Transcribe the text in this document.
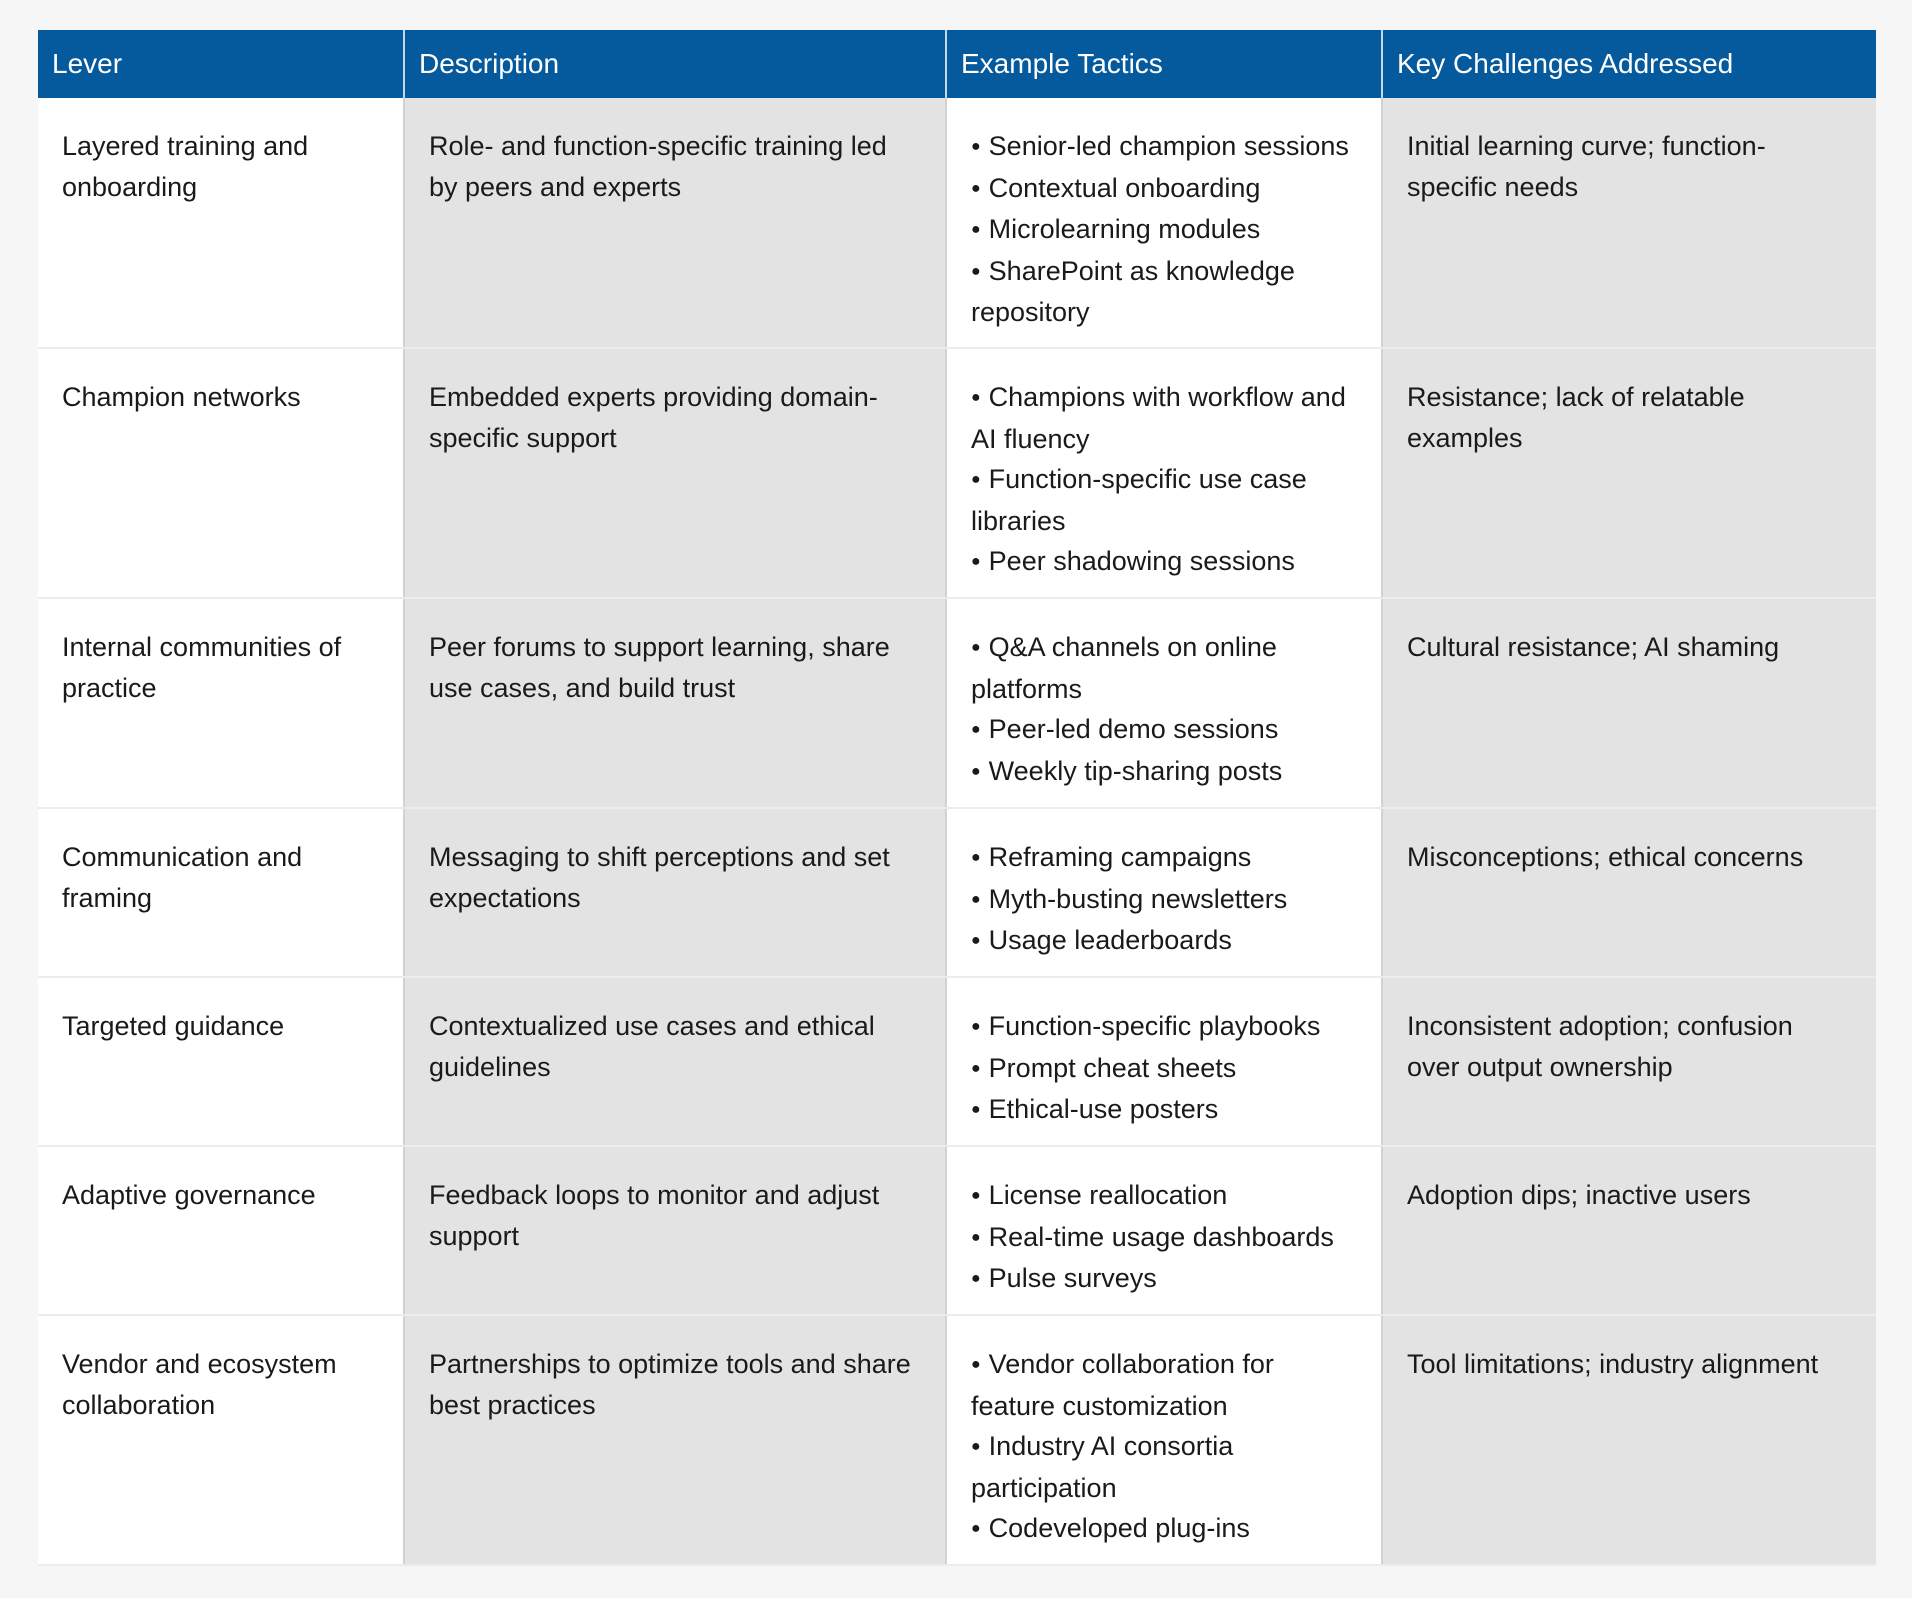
Lever	Description	Example Tactics	Key Challenges Addressed
Layered training and onboarding	Role- and function-specific training led by peers and experts	● Senior-led champion sessions
● Contextual onboarding
● Microlearning modules
● SharePoint as knowledge repository	Initial learning curve; function-specific needs
Champion networks	Embedded experts providing domain-specific support	● Champions with workflow and AI fluency
● Function-specific use case libraries
● Peer shadowing sessions	Resistance; lack of relatable examples
Internal communities of practice	Peer forums to support learning, share use cases, and build trust	● Q&A channels on online platforms
● Peer-led demo sessions
● Weekly tip-sharing posts	Cultural resistance; AI shaming
Communication and framing	Messaging to shift perceptions and set expectations	● Reframing campaigns
● Myth-busting newsletters
● Usage leaderboards	Misconceptions; ethical concerns
Targeted guidance	Contextualized use cases and ethical guidelines	● Function-specific playbooks
● Prompt cheat sheets
● Ethical-use posters	Inconsistent adoption; confusion over output ownership
Adaptive governance	Feedback loops to monitor and adjust support	● License reallocation
● Real-time usage dashboards
● Pulse surveys	Adoption dips; inactive users
Vendor and ecosystem collaboration	Partnerships to optimize tools and share best practices	● Vendor collaboration for feature customization
● Industry AI consortia participation
● Codeveloped plug-ins	Tool limitations; industry alignment
